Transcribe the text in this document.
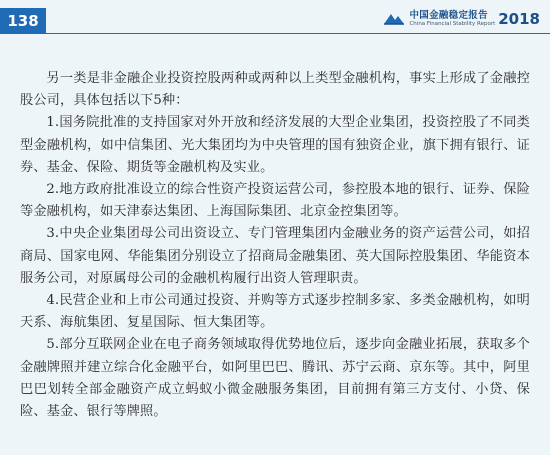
138	中国金融稳定报告
China Financial Stability Report 2018

另一类是非金融企业投资控股两种或两种以上类型金融机构，事实上形成了金融控股公司，具体包括以下5种：

1.国务院批准的支持国家对外开放和经济发展的大型企业集团，投资控股了不同类型金融机构，如中信集团、光大集团均为中央管理的国有独资企业，旗下拥有银行、证券、基金、保险、期货等金融机构及实业。

2.地方政府批准设立的综合性资产投资运营公司，参控股本地的银行、证券、保险等金融机构，如天津泰达集团、上海国际集团、北京金控集团等。

3.中央企业集团母公司出资设立、专门管理集团内金融业务的资产运营公司，如招商局、国家电网、华能集团分别设立了招商局金融集团、英大国际控股集团、华能资本服务公司，对原属母公司的金融机构履行出资人管理职责。

4.民营企业和上市公司通过投资、并购等方式逐步控制多家、多类金融机构，如明天系、海航集团、复星国际、恒大集团等。

5.部分互联网企业在电子商务领域取得优势地位后，逐步向金融业拓展，获取多个金融牌照并建立综合化金融平台，如阿里巴巴、腾讯、苏宁云商、京东等。其中，阿里巴巴划转全部金融资产成立蚂蚁小微金融服务集团，目前拥有第三方支付、小贷、保险、基金、银行等牌照。
